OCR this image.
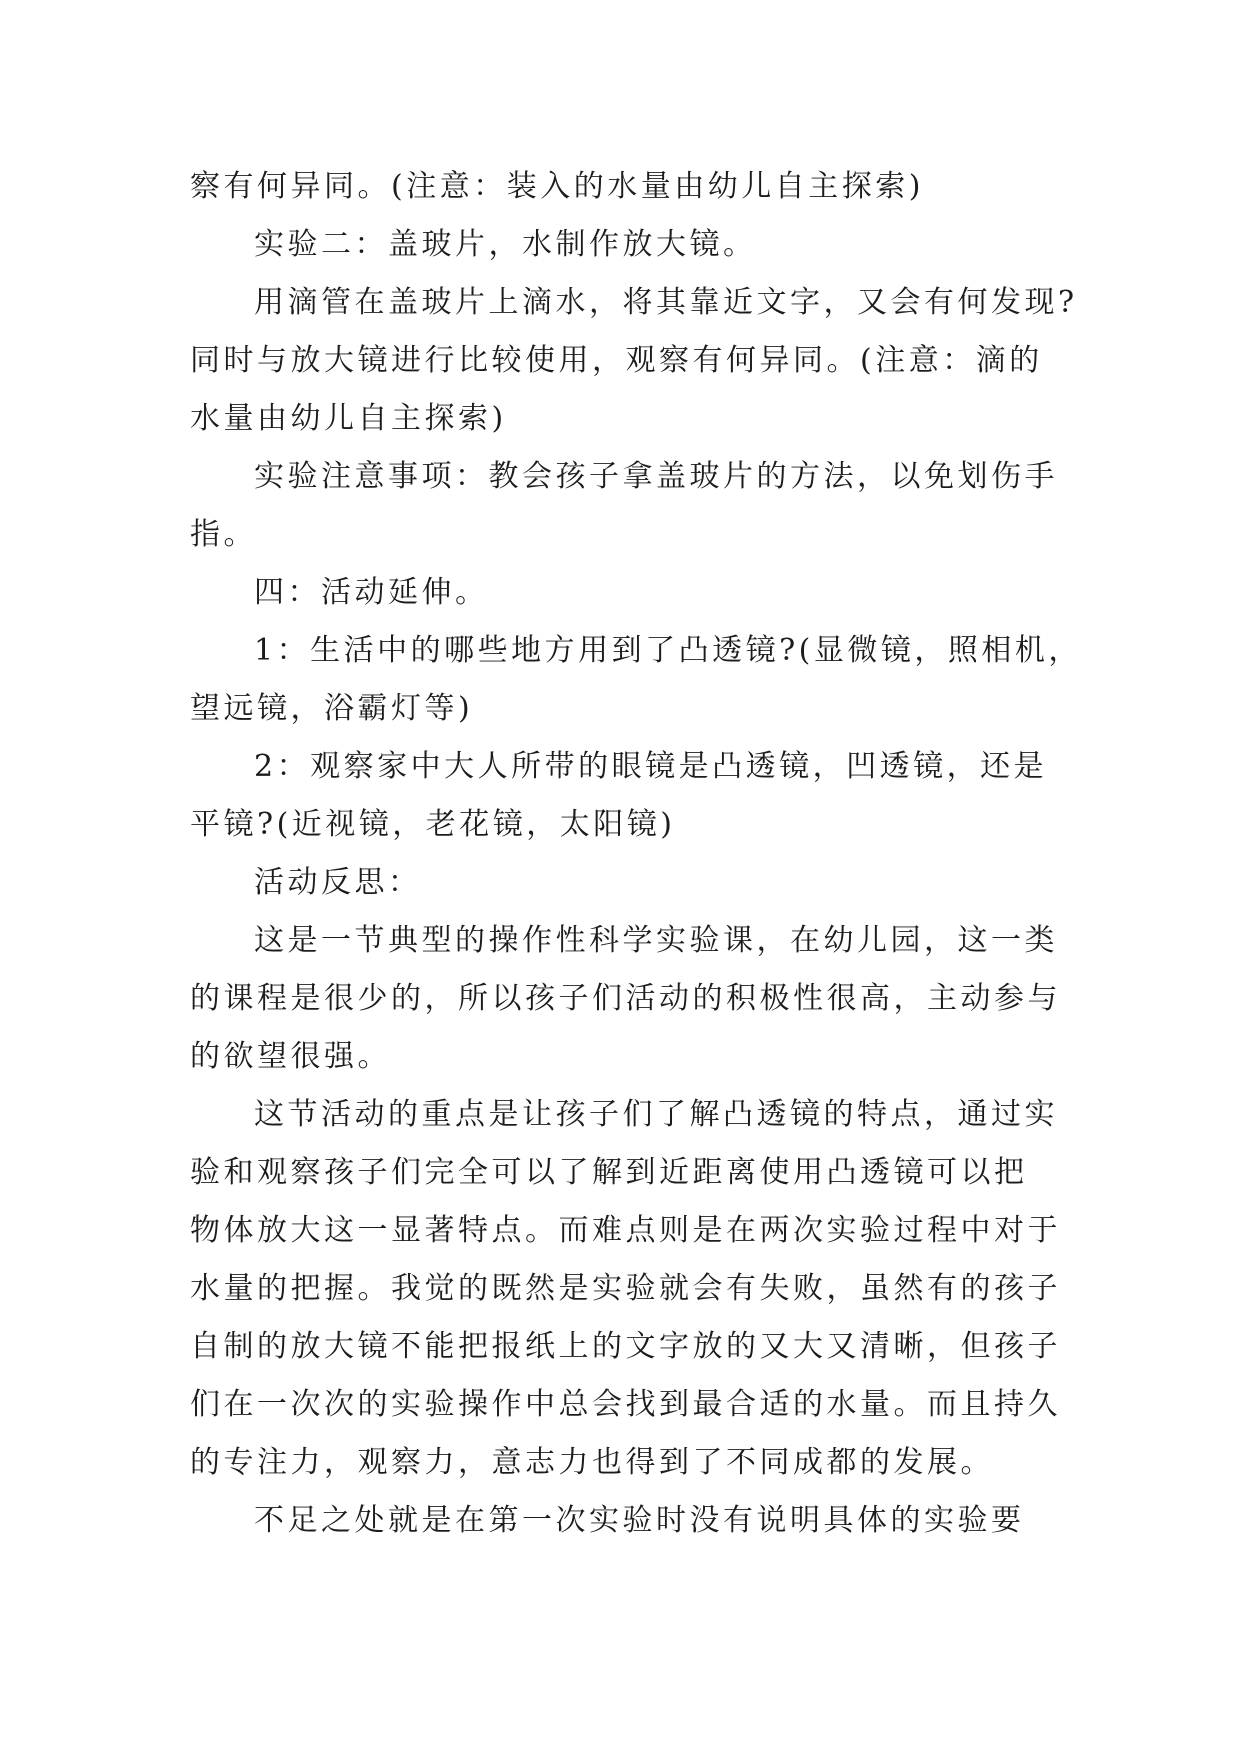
察有何异同。(注意：装入的水量由幼儿自主探索)
实验二：盖玻片，水制作放大镜。
用滴管在盖玻片上滴水，将其靠近文字，又会有何发现?
同时与放大镜进行比较使用，观察有何异同。(注意：滴的
水量由幼儿自主探索)
实验注意事项：教会孩子拿盖玻片的方法，以免划伤手
指。
四：活动延伸。
1：生活中的哪些地方用到了凸透镜?(显微镜，照相机，
望远镜，浴霸灯等)
2：观察家中大人所带的眼镜是凸透镜，凹透镜，还是
平镜?(近视镜，老花镜，太阳镜)
活动反思：
这是一节典型的操作性科学实验课，在幼儿园，这一类
的课程是很少的，所以孩子们活动的积极性很高，主动参与
的欲望很强。
这节活动的重点是让孩子们了解凸透镜的特点，通过实
验和观察孩子们完全可以了解到近距离使用凸透镜可以把
物体放大这一显著特点。而难点则是在两次实验过程中对于
水量的把握。我觉的既然是实验就会有失败，虽然有的孩子
自制的放大镜不能把报纸上的文字放的又大又清晰，但孩子
们在一次次的实验操作中总会找到最合适的水量。而且持久
的专注力，观察力，意志力也得到了不同成都的发展。
不足之处就是在第一次实验时没有说明具体的实验要
